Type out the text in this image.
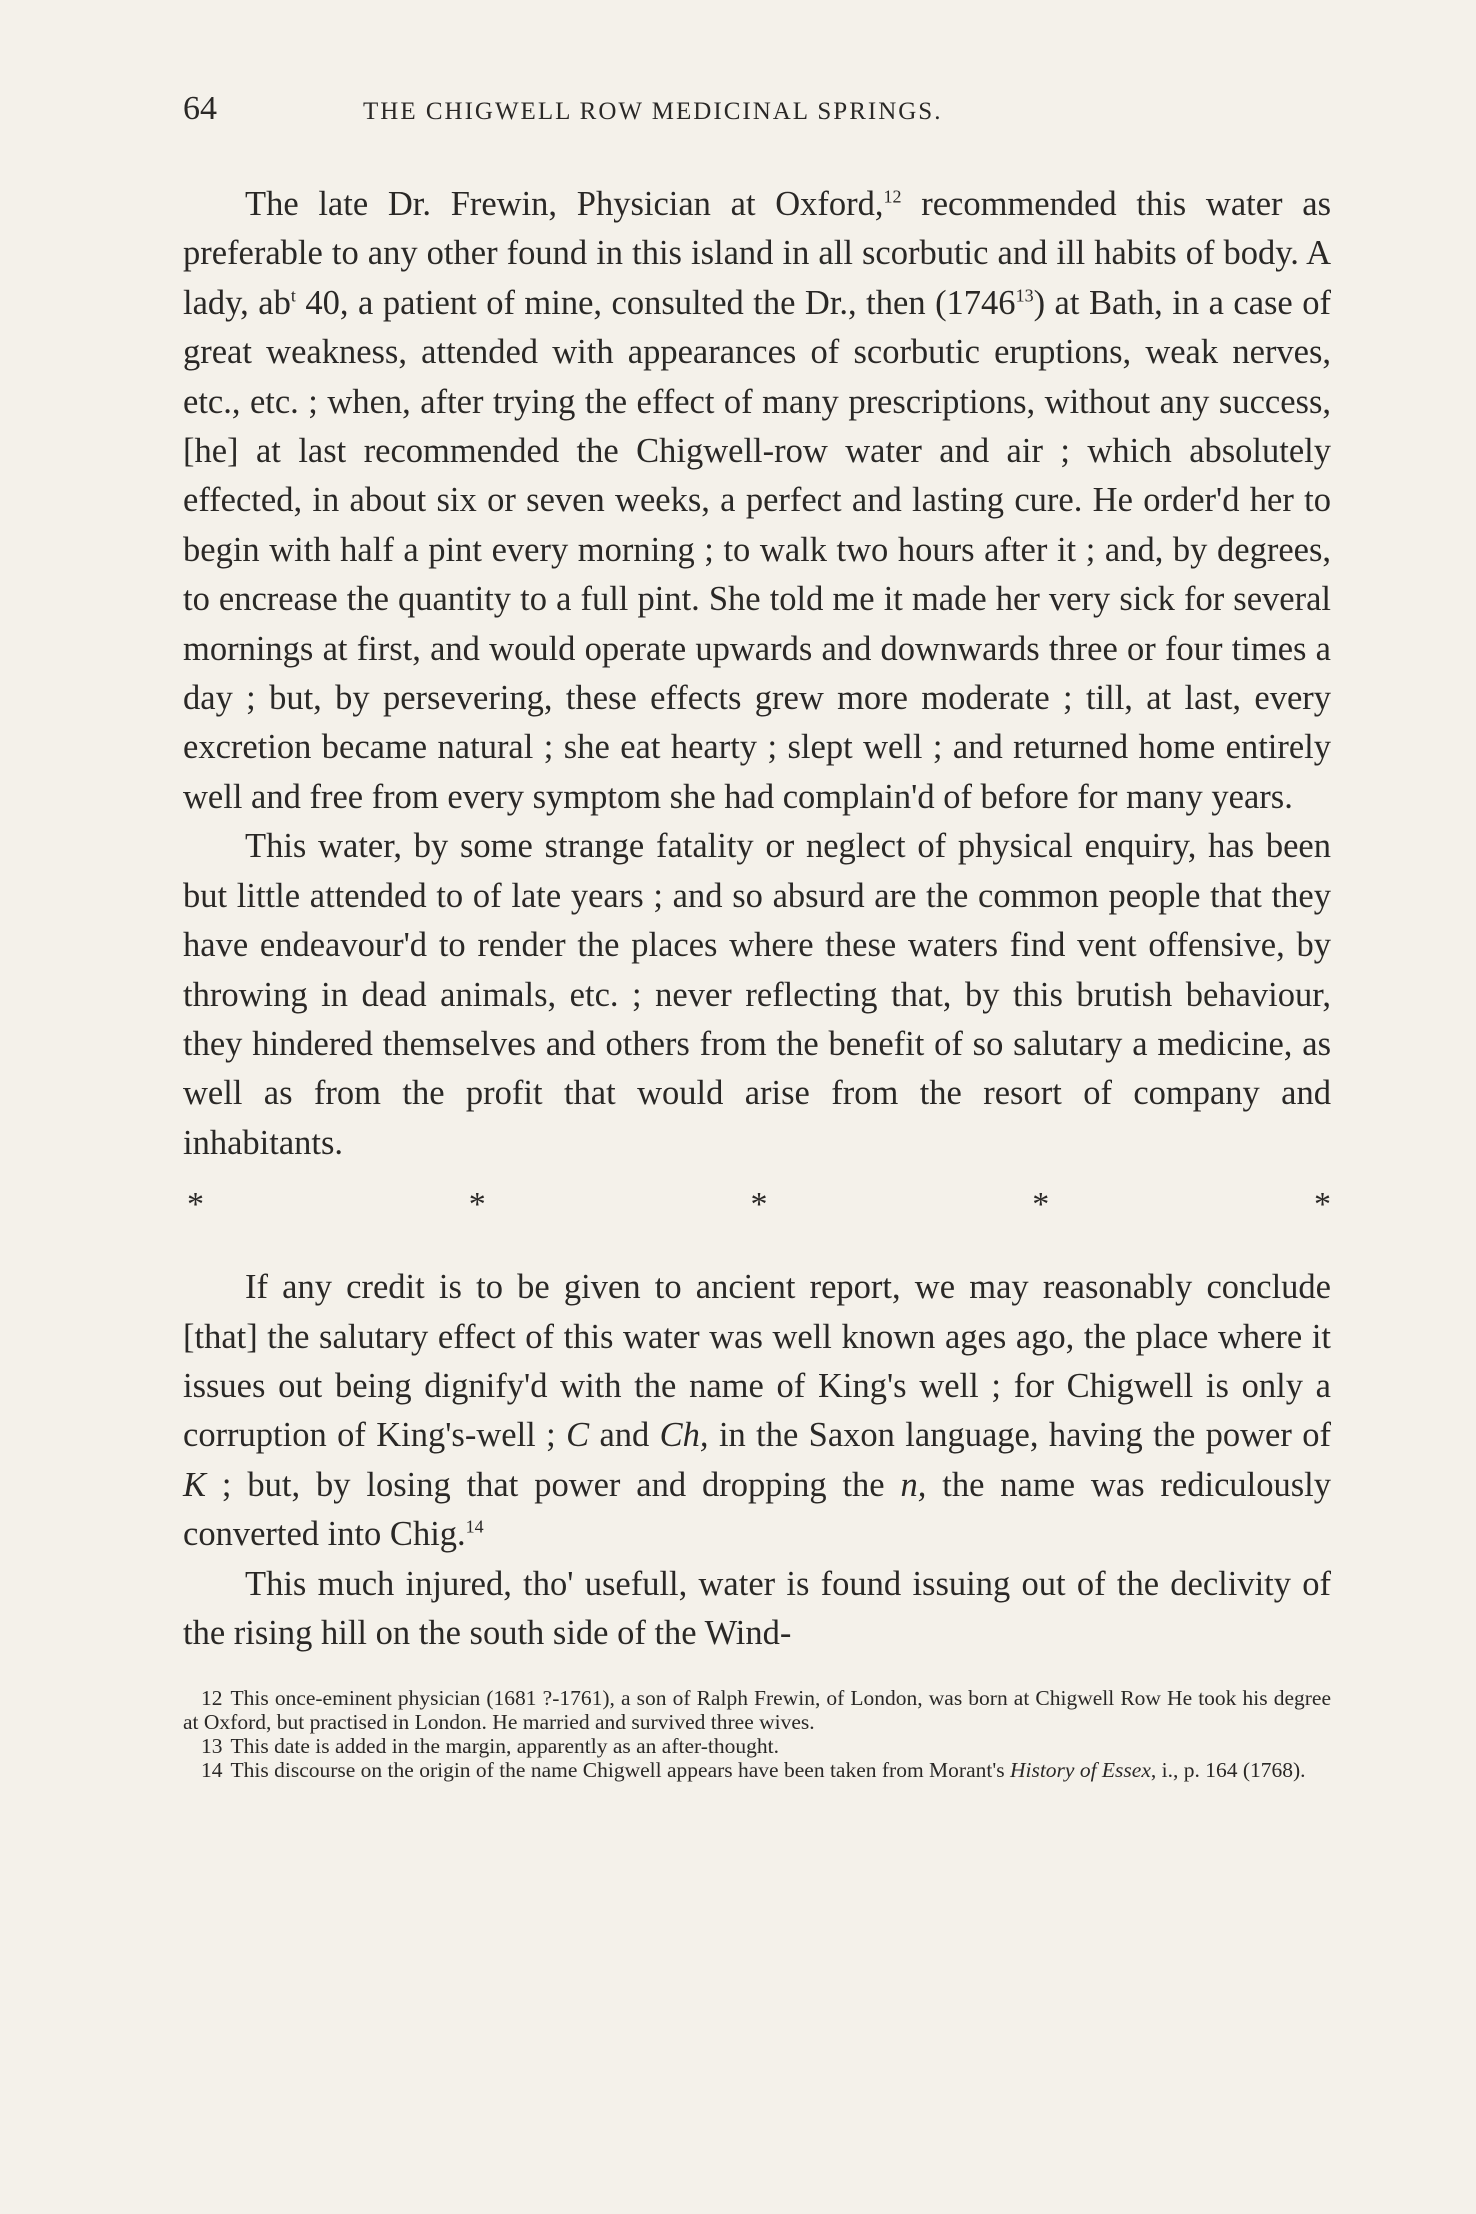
64	THE CHIGWELL ROW MEDICINAL SPRINGS.

The late Dr. Frewin, Physician at Oxford,$^{12}$ recommended this water as preferable to any other found in this island in all scorbutic and ill habits of body. A lady, $ab^t$ 40, a patient of mine, consulted the Dr., then (1746$^{13}$) at Bath, in a case of great weakness, attended with appearances of scorbutic eruptions, weak nerves, etc., etc. ; when, after trying the effect of many prescriptions, without any success, [he] at last recommended the Chigwell-row water and air ; which absolutely effected, in about six or seven weeks, a perfect and lasting cure. He order'd her to begin with half a pint every morning ; to walk two hours after it ; and, by degrees, to encrease the quantity to a full pint. She told me it made her very sick for several mornings at first, and would operate upwards and downwards three or four times a day ; but, by persevering, these effects grew more moderate ; till, at last, every excretion became natural ; she eat hearty ; slept well ; and returned home entirely well and free from every symptom she had complain'd of before for many years.

This water, by some strange fatality or neglect of physical enquiry, has been but little attended to of late years ; and so absurd are the common people that they have endeavour'd to render the places where these waters find vent offensive, by throwing in dead animals, etc. ; never reflecting that, by this brutish behaviour, they hindered themselves and others from the benefit of so salutary a medicine, as well as from the profit that would arise from the resort of company and inhabitants.

*	*	*	*	*

If any credit is to be given to ancient report, we may reasonably conclude [that] the salutary effect of this water was well known ages ago, the place where it issues out being dignify'd with the name of King's well ; for Chigwell is only a corruption of King's-well ; C and Ch, in the Saxon language, having the power of K ; but, by losing that power and dropping the n, the name was rediculously converted into Chig.$^{14}$

This much injured, tho' usefull, water is found issuing out of the declivity of the rising hill on the south side of the Wind-

12 This once-eminent physician (1681 ?-1761), a son of Ralph Frewin, of London, was born at Chigwell Row He took his degree at Oxford, but practised in London. He married and survived three wives.

13 This date is added in the margin, apparently as an after-thought.

14 This discourse on the origin of the name Chigwell appears have been taken from Morant's History of Essex, i., p. 164 (1768).
